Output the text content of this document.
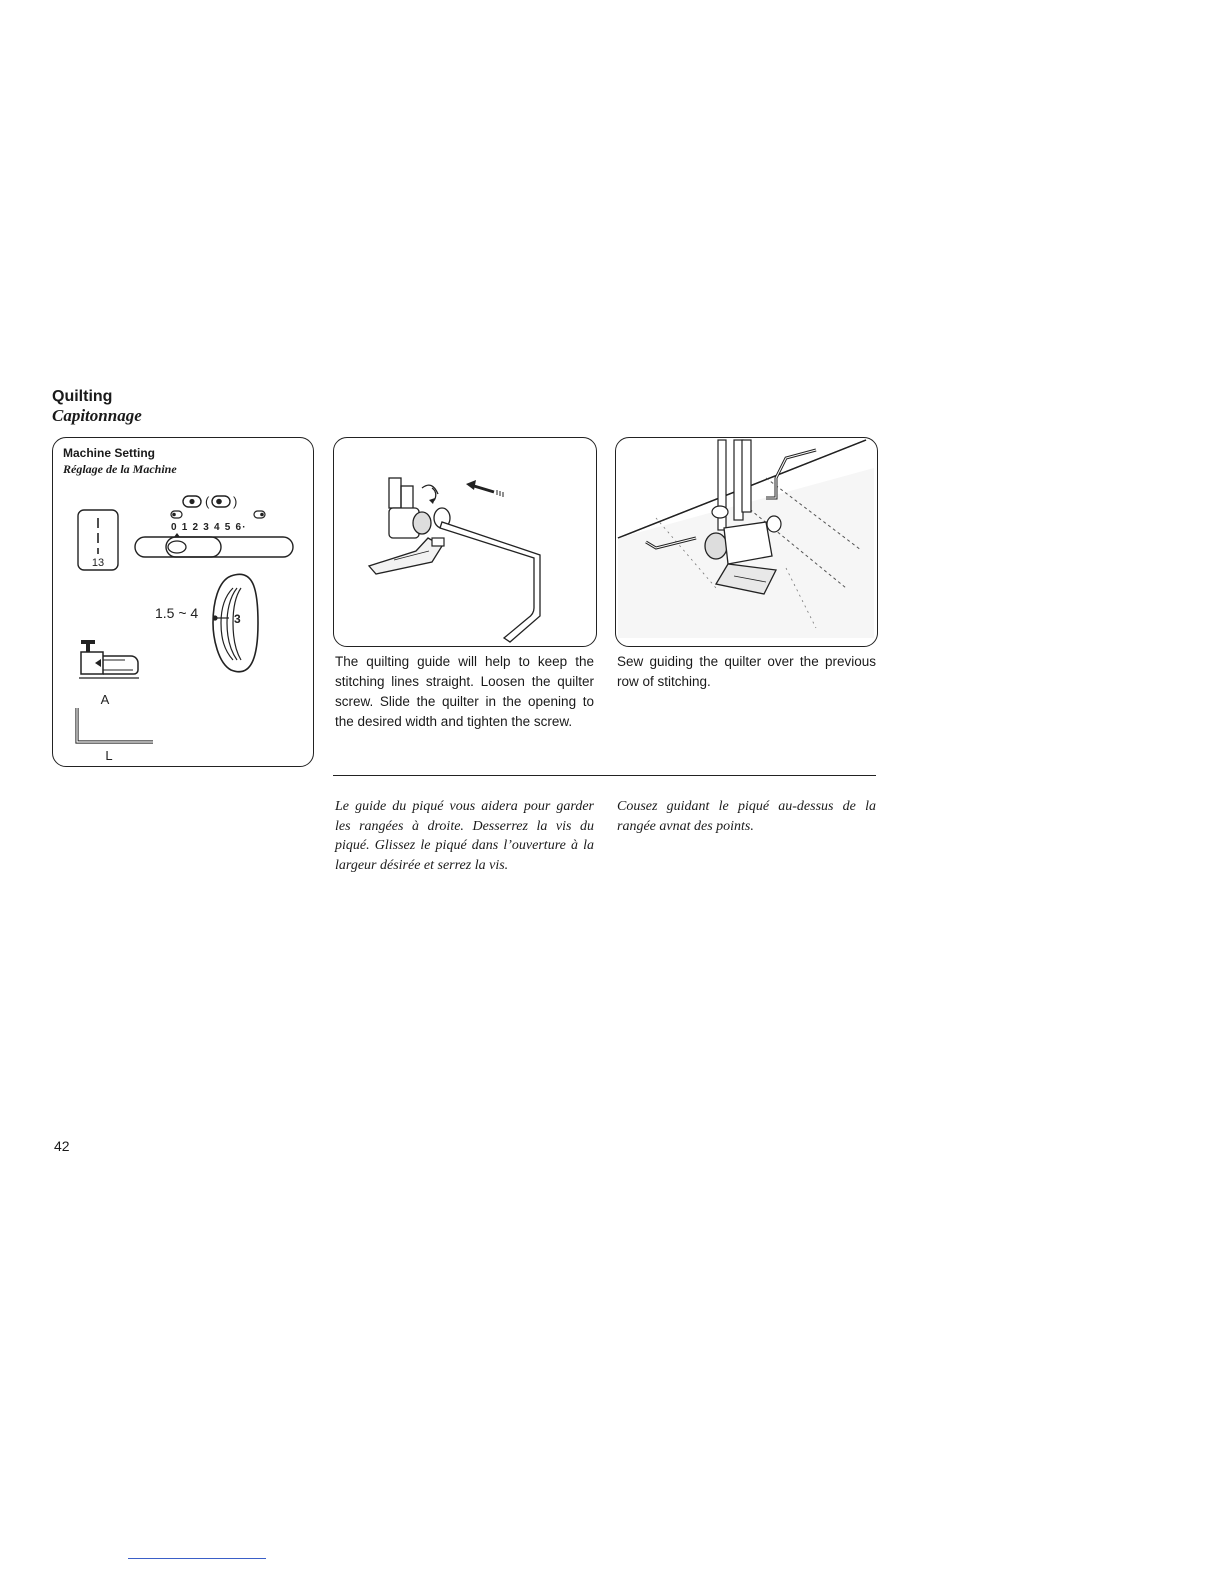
Quilting
Capitonnage
Machine Setting
Réglage de la Machine
13
( )
0 1 2 3 4 5 6·
1.5 ~ 4	3
A
L

The quilting guide will help to keep the stitching lines straight. Loosen the quilter screw. Slide the quilter in the opening to the desired width and tighten the screw.

Sew guiding the quilter over the previous row of stitching.

Le guide du piqué vous aidera pour garder les rangées à droite. Desserrez la vis du piqué. Glissez le piqué dans l’ouverture à la largeur désirée et serrez la vis.

Cousez guidant le piqué au-dessus de la rangée avnat des points.

42
